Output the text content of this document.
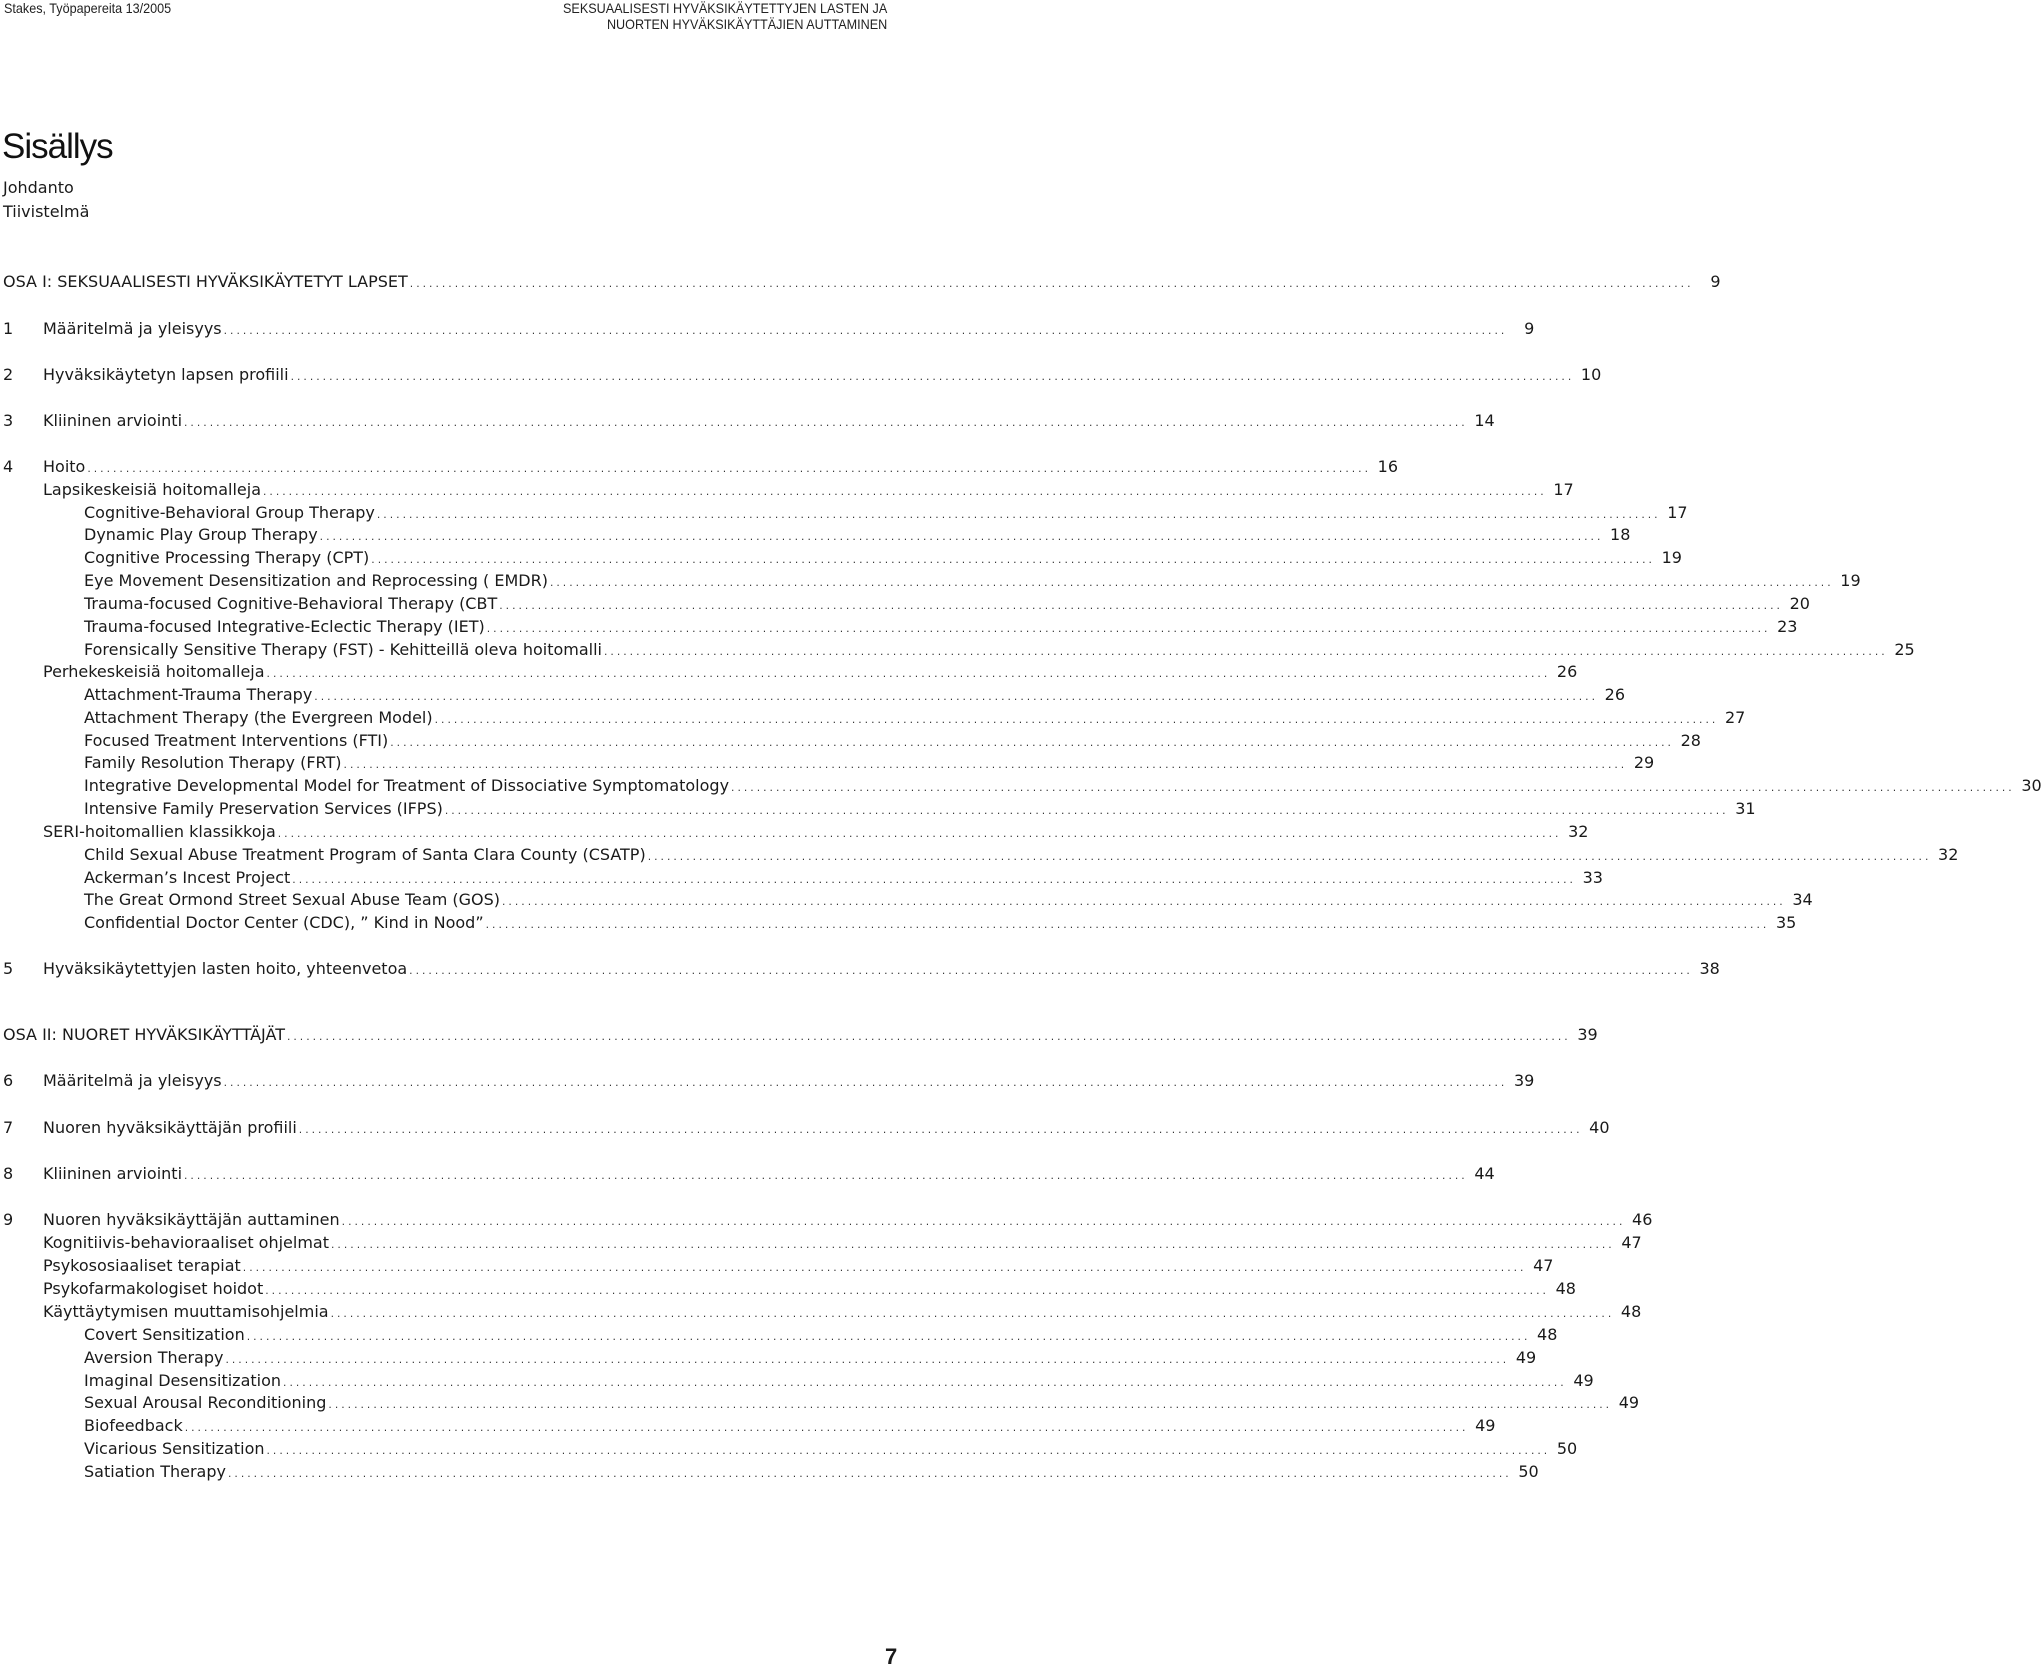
Stakes, Työpapereita 13/2005	SEKSUAALISESTI HYVÄKSIKÄYTETTYJEN LASTEN JA
NUORTEN HYVÄKSIKÄYTTÄJIEN AUTTAMINEN
Sisällys
Johdanto
Tiivistelmä
OSA I: SEKSUAALISESTI HYVÄKSIKÄYTETYT LAPSET ........................................................................................................................................................................................................	9
1 Määritelmä ja yleisyys ........................................................................................................................................................................................................	9
2 Hyväksikäytetyn lapsen profiili ........................................................................................................................................................................................................ 10
3 Kliininen arviointi ........................................................................................................................................................................................................ 14
4 Hoito ........................................................................................................................................................................................................ 16
Lapsikeskeisiä hoitomalleja ........................................................................................................................................................................................................ 17
Cognitive-Behavioral Group Therapy ........................................................................................................................................................................................................ 17
Dynamic Play Group Therapy ........................................................................................................................................................................................................ 18
Cognitive Processing Therapy (CPT) ........................................................................................................................................................................................................ 19
Eye Movement Desensitization and Reprocessing ( EMDR) ........................................................................................................................................................................................................ 19
Trauma-focused Cognitive-Behavioral Therapy (CBT ........................................................................................................................................................................................................ 20
Trauma-focused Integrative-Eclectic Therapy (IET) ........................................................................................................................................................................................................ 23
Forensically Sensitive Therapy (FST) - Kehitteillä oleva hoitomalli ........................................................................................................................................................................................................ 25
Perhekeskeisiä hoitomalleja ........................................................................................................................................................................................................ 26
Attachment-Trauma Therapy ........................................................................................................................................................................................................ 26
Attachment Therapy (the Evergreen Model) ........................................................................................................................................................................................................ 27
Focused Treatment Interventions (FTI) ........................................................................................................................................................................................................ 28
Family Resolution Therapy (FRT) ........................................................................................................................................................................................................ 29
Integrative Developmental Model for Treatment of Dissociative Symptomatology ........................................................................................................................................................................................................ 30
Intensive Family Preservation Services (IFPS) ........................................................................................................................................................................................................ 31
SERI-hoitomallien klassikkoja ........................................................................................................................................................................................................ 32
Child Sexual Abuse Treatment Program of Santa Clara County (CSATP) ........................................................................................................................................................................................................ 32
Ackerman’s Incest Project ........................................................................................................................................................................................................ 33
The Great Ormond Street Sexual Abuse Team (GOS) ........................................................................................................................................................................................................ 34
Confidential Doctor Center (CDC), ” Kind in Nood” ........................................................................................................................................................................................................ 35
5 Hyväksikäytettyjen lasten hoito, yhteenvetoa ........................................................................................................................................................................................................ 38
OSA II: NUORET HYVÄKSIKÄYTTÄJÄT ........................................................................................................................................................................................................ 39
6 Määritelmä ja yleisyys ........................................................................................................................................................................................................ 39
7 Nuoren hyväksikäyttäjän profiili ........................................................................................................................................................................................................ 40
8 Kliininen arviointi ........................................................................................................................................................................................................ 44
9 Nuoren hyväksikäyttäjän auttaminen ........................................................................................................................................................................................................ 46
Kognitiivis-behavioraaliset ohjelmat ........................................................................................................................................................................................................ 47
Psykososiaaliset terapiat ........................................................................................................................................................................................................ 47
Psykofarmakologiset hoidot ........................................................................................................................................................................................................ 48
Käyttäytymisen muuttamisohjelmia ........................................................................................................................................................................................................ 48
Covert Sensitization ........................................................................................................................................................................................................ 48
Aversion Therapy ........................................................................................................................................................................................................ 49
Imaginal Desensitization ........................................................................................................................................................................................................ 49
Sexual Arousal Reconditioning ........................................................................................................................................................................................................ 49
Biofeedback ........................................................................................................................................................................................................ 49
Vicarious Sensitization ........................................................................................................................................................................................................ 50
Satiation Therapy ........................................................................................................................................................................................................ 50
7
